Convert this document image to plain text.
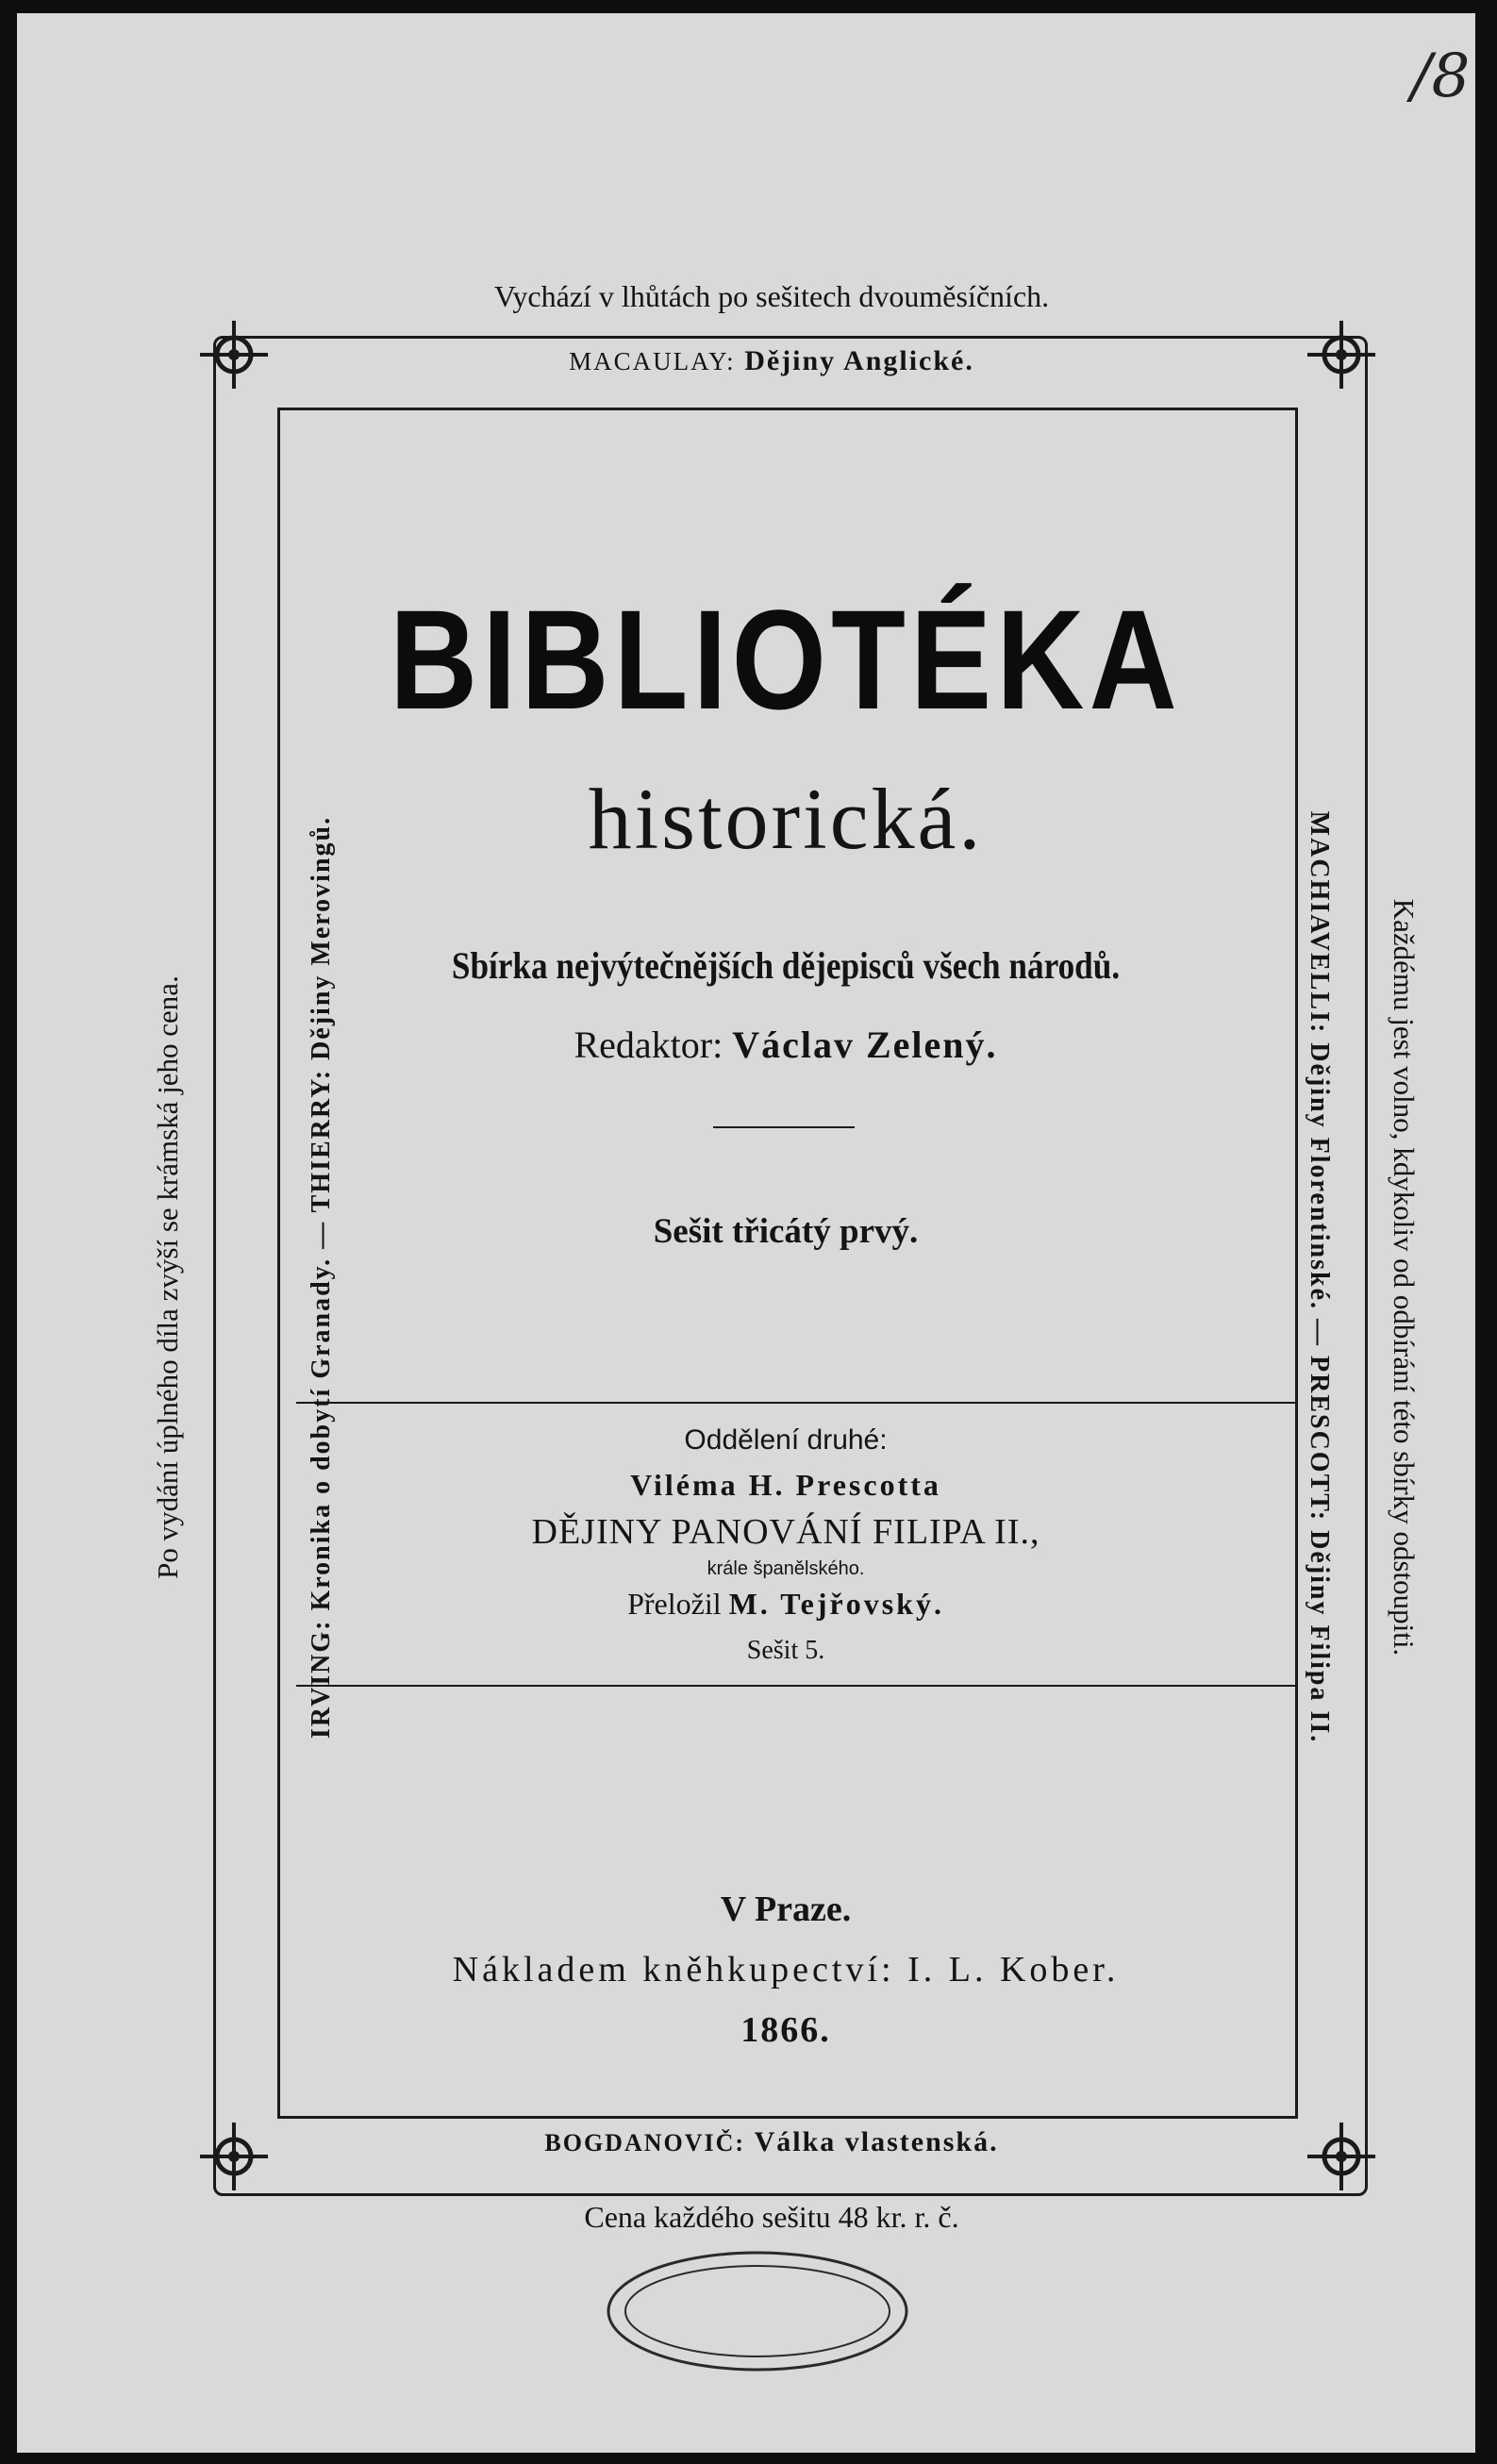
/8
Vychází v lhůtách po sešitech dvouměsíčních.
MACAULAY: Dějiny Anglické.
BIBLIOTÉKA
historická.
Sbírka nejvýtečnějších dějepisců všech národů.
Redaktor: Václav Zelený.
Sešit třicátý prvý.
Oddělení druhé:
Viléma H. Prescotta
DĚJINY PANOVÁNÍ FILIPA II.,
krále španělského.
Přeložil M. Tejřovský.
Sešit 5.
V Praze.
Nákladem kněhkupectví: I. L. Kober.
1866.
BOGDANOVIČ: Válka vlastenská.
Cena každého sešitu 48 kr. r. č.
Po vydání úplného díla zvýší se krámská jeho cena.	IRVING: Kronika o dobytí Granady. — THIERRY: Dějiny Merovingů.	MACHIAVELLI: Dějiny Florentinské. — PRESCOTT: Dějiny Filipa II. Každému jest volno, kdykoliv od odbírání této sbírky odstoupiti.
